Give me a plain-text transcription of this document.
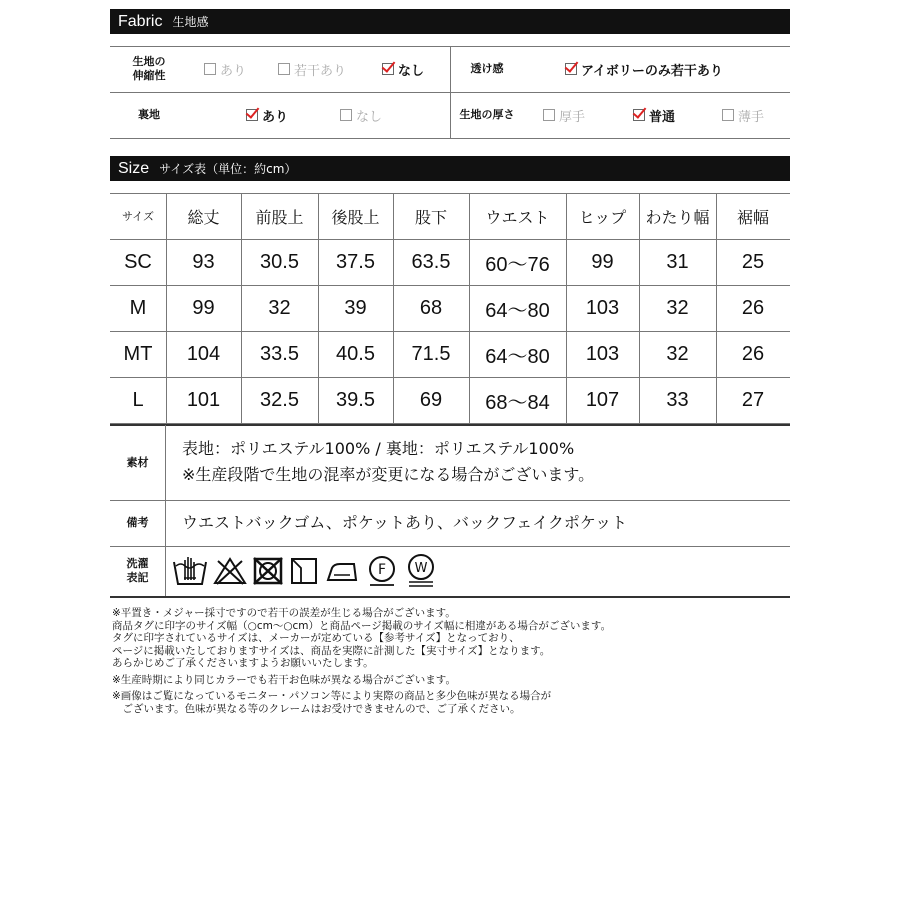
Fabric 生地感
生地の
伸縮性	あり	若干あり	なし	透け感	アイボリーのみ若干あり
裏地	あり	なし	生地の厚さ	厚手	普通	薄手
Size サイズ表（単位：約cm）
サイズ	総丈	前股上	後股上	股下	ウエスト	ヒップ	わたり幅	裾幅
SC	93	30.5	37.5	63.5	60〜76	99	31	25
M	99	32	39	68	64〜80	103	32	26
MT	104	33.5	40.5	71.5	64〜80	103	32	26
L	101	32.5	39.5	69	68〜84	107	33	27
素材
表地：ポリエステル100% / 裏地：ポリエステル100%
※生産段階で生地の混率が変更になる場合がございます。
備考	ウエストバックゴム、ポケットあり、バックフェイクポケット
洗濯
表記	F W
※平置き・メジャー採寸ですので若干の誤差が生じる場合がございます。
商品タグに印字のサイズ幅（○cm〜○cm）と商品ページ掲載のサイズ幅に相違がある場合がございます。
タグに印字されているサイズは、メーカーが定めている【参考サイズ】となっており、
ページに掲載いたしておりますサイズは、商品を実際に計測した【実寸サイズ】となります。
あらかじめご了承くださいますようお願いいたします。
※生産時期により同じカラーでも若干お色味が異なる場合がございます。
※画像はご覧になっているモニター・パソコン等により実際の商品と多少色味が異なる場合が
　ございます。色味が異なる等のクレームはお受けできませんので、ご了承ください。
